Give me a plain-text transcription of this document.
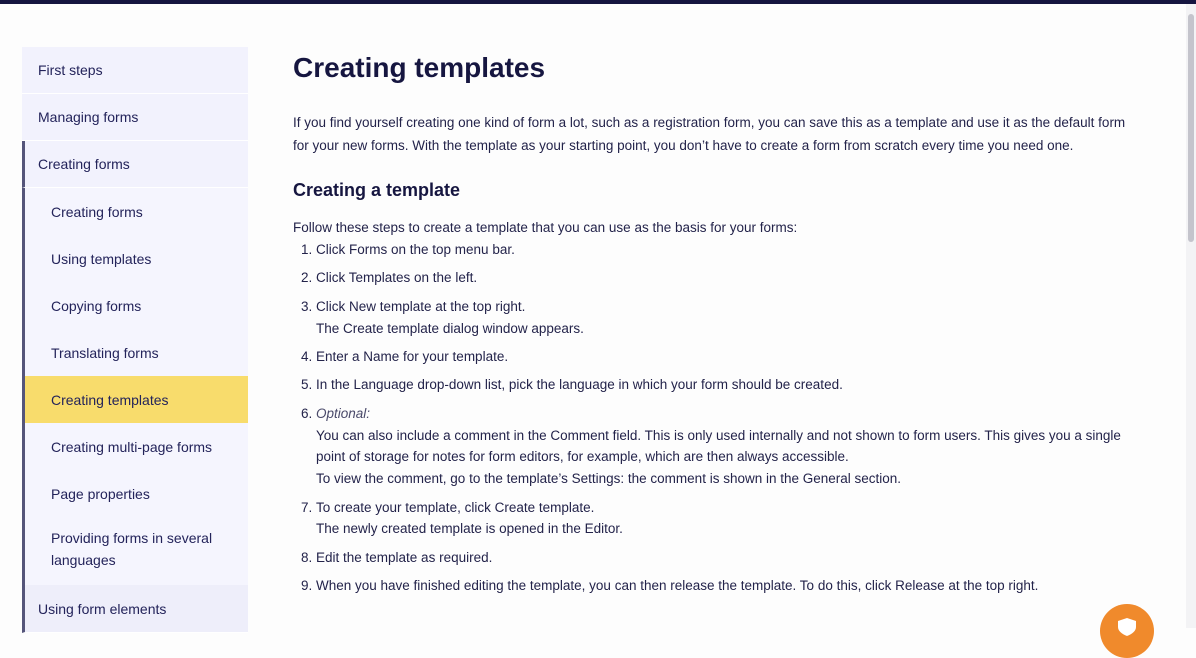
First steps
Managing forms
Creating forms
Creating forms
Using templates
Copying forms
Translating forms
Creating templates
Creating multi-page forms
Page properties
Providing forms in several languages
Using form elements
Creating templates

If you find yourself creating one kind of form a lot, such as a registration form, you can save this as a template and use it as the default form for your new forms. With the template as your starting point, you don’t have to create a form from scratch every time you need one.

Creating a template

Follow these steps to create a template that you can use as the basis for your forms:

1. Click Forms on the top menu bar.
2. Click Templates on the left.
3. Click New template at the top right.
The Create template dialog window appears.
4. Enter a Name for your template.
5. In the Language drop-down list, pick the language in which your form should be created.
6. Optional:
You can also include a comment in the Comment field. This is only used internally and not shown to form users. This gives you a single point of storage for notes for form editors, for example, which are then always accessible.
To view the comment, go to the template’s Settings: the comment is shown in the General section.
7. To create your template, click Create template.
The newly created template is opened in the Editor.
8. Edit the template as required.
9. When you have finished editing the template, you can then release the template. To do this, click Release at the top right.
